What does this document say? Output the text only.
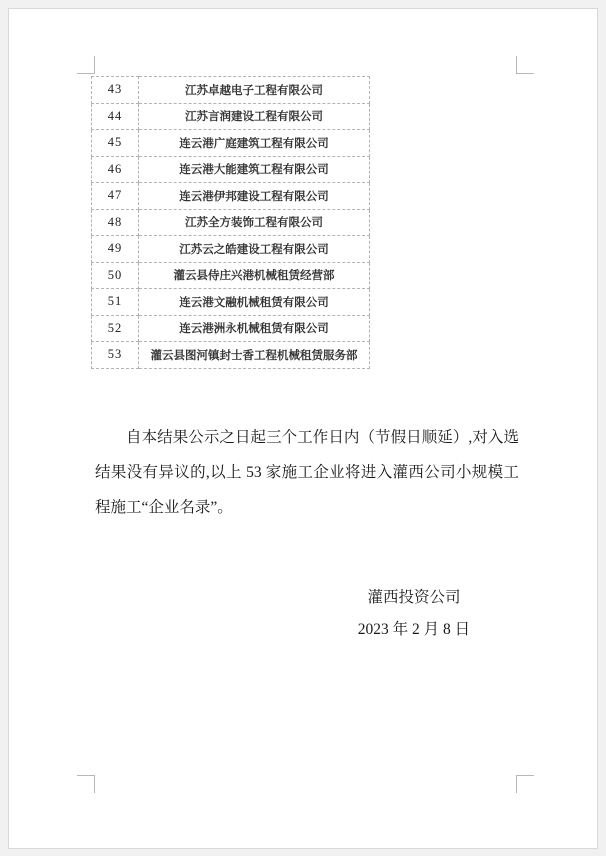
43	江苏卓越电子工程有限公司
44	江苏言润建设工程有限公司
45	连云港广庭建筑工程有限公司
46	连云港大能建筑工程有限公司
47	连云港伊邦建设工程有限公司
48	江苏全方装饰工程有限公司
49	江苏云之皓建设工程有限公司
50	灌云县侍庄兴港机械租赁经营部
51	连云港文融机械租赁有限公司
52	连云港洲永机械租赁有限公司
53	灌云县图河镇封士香工程机械租赁服务部

自本结果公示之日起三个工作日内（节假日顺延）,对入选结果没有异议的,以上 53 家施工企业将进入灌西公司小规模工程施工“企业名录”。

灌西投资公司
2023 年 2 月 8 日
